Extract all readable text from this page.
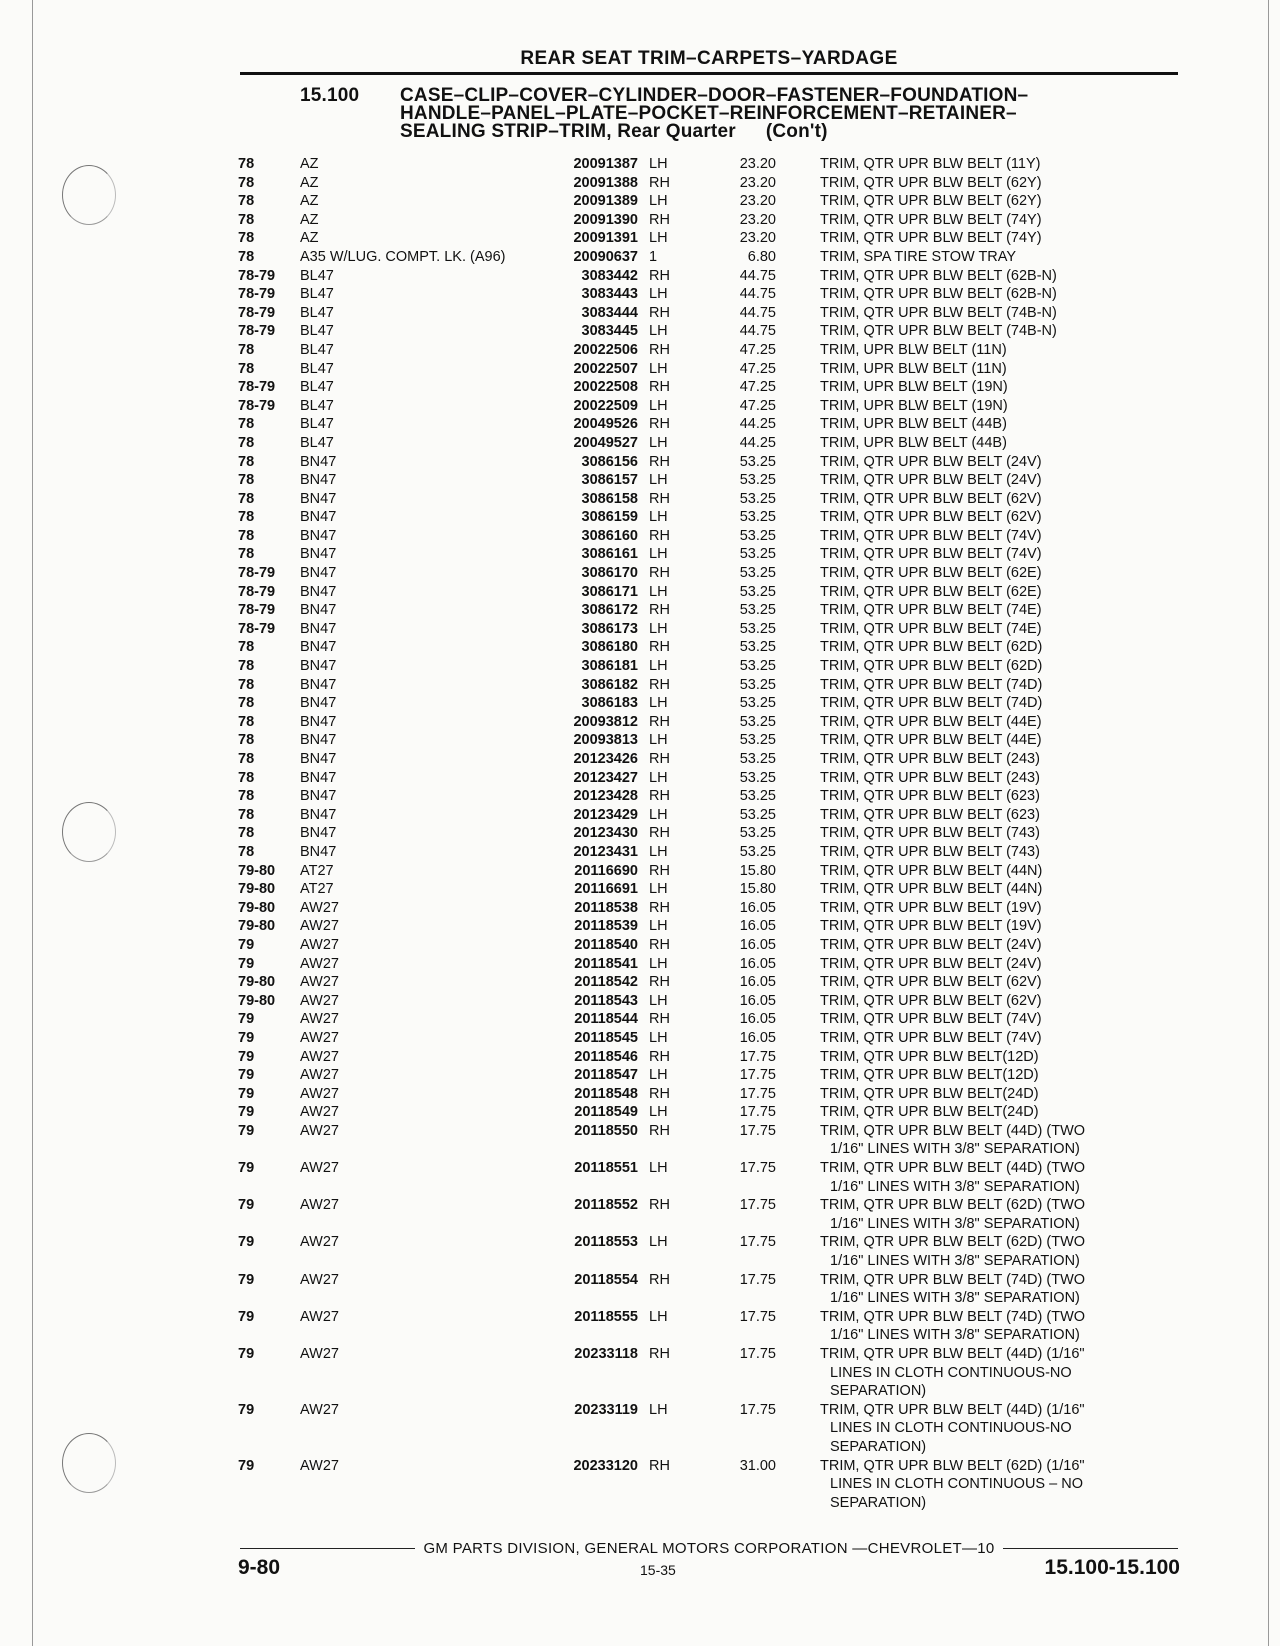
REAR SEAT TRIM–CARPETS–YARDAGE
15.100 CASE–CLIP–COVER–CYLINDER–DOOR–FASTENER–FOUNDATION–
HANDLE–PANEL–PLATE–POCKET–REINFORCEMENT–RETAINER–
SEALING STRIP–TRIM, Rear Quarter (Con't)
78	AZ	20091387 LH	23.20	TRIM, QTR UPR BLW BELT (11Y)
78	AZ	20091388 RH	23.20	TRIM, QTR UPR BLW BELT (62Y)
78	AZ	20091389 LH	23.20	TRIM, QTR UPR BLW BELT (62Y)
78	AZ	20091390 RH	23.20	TRIM, QTR UPR BLW BELT (74Y)
78	AZ	20091391 LH	23.20	TRIM, QTR UPR BLW BELT (74Y)
78	A35 W/LUG. COMPT. LK. (A96)	20090637 1	6.80	TRIM, SPA TIRE STOW TRAY
78-79 BL47	3083442 RH	44.75	TRIM, QTR UPR BLW BELT (62B-N)
78-79 BL47	3083443 LH	44.75	TRIM, QTR UPR BLW BELT (62B-N)
78-79 BL47	3083444 RH	44.75	TRIM, QTR UPR BLW BELT (74B-N)
78-79 BL47	3083445 LH	44.75	TRIM, QTR UPR BLW BELT (74B-N)
78	BL47	20022506 RH	47.25	TRIM, UPR BLW BELT (11N)
78	BL47	20022507 LH	47.25	TRIM, UPR BLW BELT (11N)
78-79 BL47	20022508 RH	47.25	TRIM, UPR BLW BELT (19N)
78-79 BL47	20022509 LH	47.25	TRIM, UPR BLW BELT (19N)
78	BL47	20049526 RH	44.25	TRIM, UPR BLW BELT (44B)
78	BL47	20049527 LH	44.25	TRIM, UPR BLW BELT (44B)
78	BN47	3086156 RH	53.25	TRIM, QTR UPR BLW BELT (24V)
78	BN47	3086157 LH	53.25	TRIM, QTR UPR BLW BELT (24V)
78	BN47	3086158 RH	53.25	TRIM, QTR UPR BLW BELT (62V)
78	BN47	3086159 LH	53.25	TRIM, QTR UPR BLW BELT (62V)
78	BN47	3086160 RH	53.25	TRIM, QTR UPR BLW BELT (74V)
78	BN47	3086161 LH	53.25	TRIM, QTR UPR BLW BELT (74V)
78-79 BN47	3086170 RH	53.25	TRIM, QTR UPR BLW BELT (62E)
78-79 BN47	3086171 LH	53.25	TRIM, QTR UPR BLW BELT (62E)
78-79 BN47	3086172 RH	53.25	TRIM, QTR UPR BLW BELT (74E)
78-79 BN47	3086173 LH	53.25	TRIM, QTR UPR BLW BELT (74E)
78	BN47	3086180 RH	53.25	TRIM, QTR UPR BLW BELT (62D)
78	BN47	3086181 LH	53.25	TRIM, QTR UPR BLW BELT (62D)
78	BN47	3086182 RH	53.25	TRIM, QTR UPR BLW BELT (74D)
78	BN47	3086183 LH	53.25	TRIM, QTR UPR BLW BELT (74D)
78	BN47	20093812 RH	53.25	TRIM, QTR UPR BLW BELT (44E)
78	BN47	20093813 LH	53.25	TRIM, QTR UPR BLW BELT (44E)
78	BN47	20123426 RH	53.25	TRIM, QTR UPR BLW BELT (243)
78	BN47	20123427 LH	53.25	TRIM, QTR UPR BLW BELT (243)
78	BN47	20123428 RH	53.25	TRIM, QTR UPR BLW BELT (623)
78	BN47	20123429 LH	53.25	TRIM, QTR UPR BLW BELT (623)
78	BN47	20123430 RH	53.25	TRIM, QTR UPR BLW BELT (743)
78	BN47	20123431 LH	53.25	TRIM, QTR UPR BLW BELT (743)
79-80 AT27	20116690 RH	15.80	TRIM, QTR UPR BLW BELT (44N)
79-80 AT27	20116691 LH	15.80	TRIM, QTR UPR BLW BELT (44N)
79-80 AW27	20118538 RH	16.05	TRIM, QTR UPR BLW BELT (19V)
79-80 AW27	20118539 LH	16.05	TRIM, QTR UPR BLW BELT (19V)
79	AW27	20118540 RH	16.05	TRIM, QTR UPR BLW BELT (24V)
79	AW27	20118541 LH	16.05	TRIM, QTR UPR BLW BELT (24V)
79-80 AW27	20118542 RH	16.05	TRIM, QTR UPR BLW BELT (62V)
79-80 AW27	20118543 LH	16.05	TRIM, QTR UPR BLW BELT (62V)
79	AW27	20118544 RH	16.05	TRIM, QTR UPR BLW BELT (74V)
79	AW27	20118545 LH	16.05	TRIM, QTR UPR BLW BELT (74V)
79	AW27	20118546 RH	17.75	TRIM, QTR UPR BLW BELT(12D)
79	AW27	20118547 LH	17.75	TRIM, QTR UPR BLW BELT(12D)
79	AW27	20118548 RH	17.75	TRIM, QTR UPR BLW BELT(24D)
79	AW27	20118549 LH	17.75	TRIM, QTR UPR BLW BELT(24D)
79	AW27	20118550 RH	17.75	TRIM, QTR UPR BLW BELT (44D) (TWO
1/16" LINES WITH 3/8" SEPARATION)
79	AW27	20118551 LH	17.75	TRIM, QTR UPR BLW BELT (44D) (TWO
1/16" LINES WITH 3/8" SEPARATION)
79	AW27	20118552 RH	17.75	TRIM, QTR UPR BLW BELT (62D) (TWO
1/16" LINES WITH 3/8" SEPARATION)
79	AW27	20118553 LH	17.75	TRIM, QTR UPR BLW BELT (62D) (TWO
1/16" LINES WITH 3/8" SEPARATION)
79	AW27	20118554 RH	17.75	TRIM, QTR UPR BLW BELT (74D) (TWO
1/16" LINES WITH 3/8" SEPARATION)
79	AW27	20118555 LH	17.75	TRIM, QTR UPR BLW BELT (74D) (TWO
1/16" LINES WITH 3/8" SEPARATION)
79	AW27	20233118 RH	17.75	TRIM, QTR UPR BLW BELT (44D) (1/16"
LINES IN CLOTH CONTINUOUS-NO
SEPARATION)
79	AW27	20233119 LH	17.75	TRIM, QTR UPR BLW BELT (44D) (1/16"
LINES IN CLOTH CONTINUOUS-NO
SEPARATION)
79	AW27	20233120 RH	31.00	TRIM, QTR UPR BLW BELT (62D) (1/16"
LINES IN CLOTH CONTINUOUS – NO
SEPARATION)
GM PARTS DIVISION, GENERAL MOTORS CORPORATION —CHEVROLET—10
9-80	15-35	15.100-15.100
